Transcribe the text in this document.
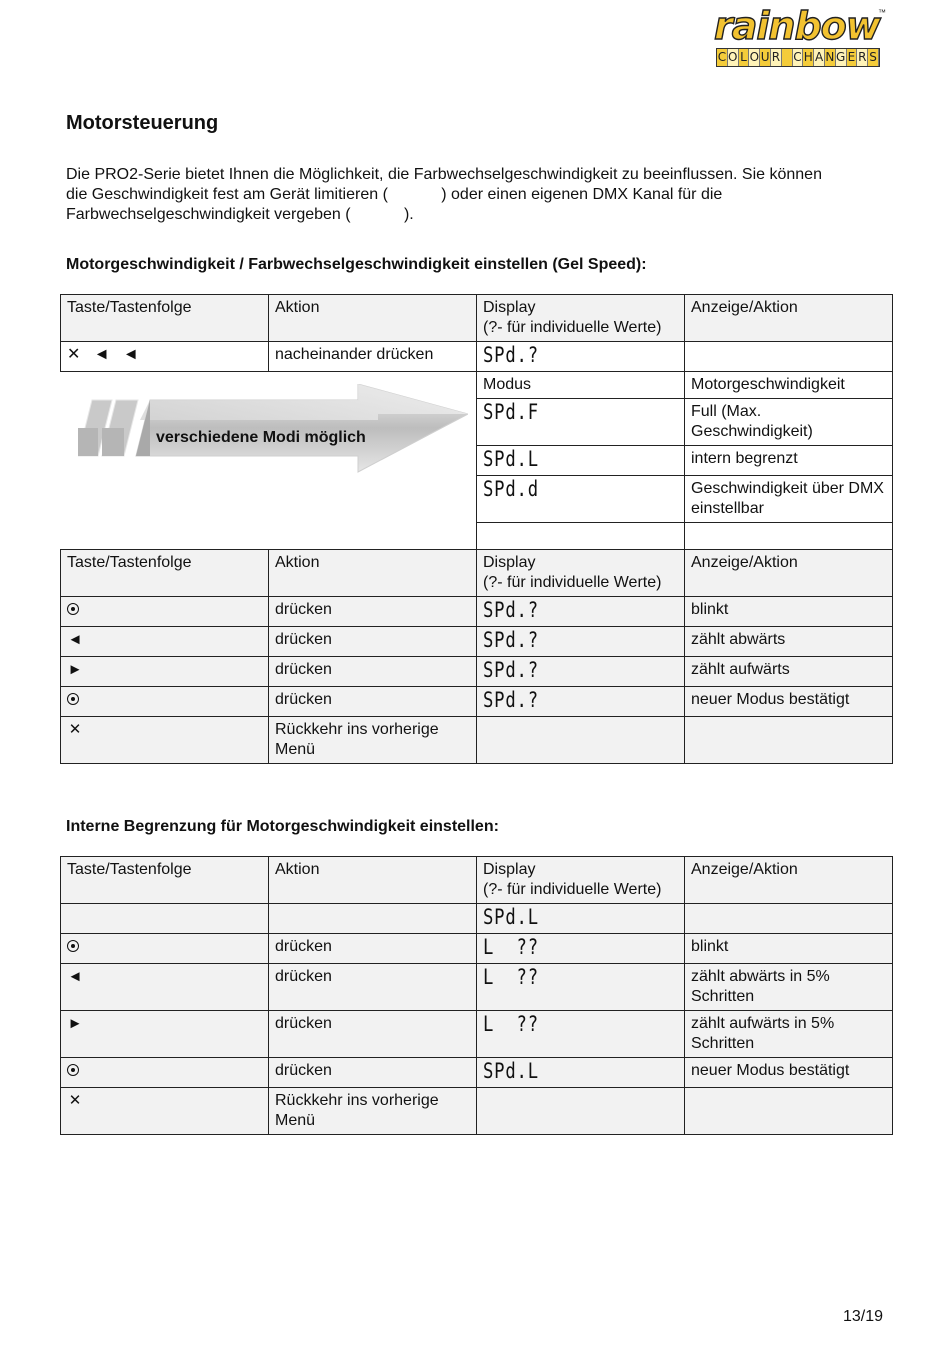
rainbow
™
C O L O U R C H A N G E R S
Motorsteuerung

Die PRO2-Serie bietet Ihnen die Möglichkeit, die Farbwechselgeschwindigkeit zu beeinflussen. Sie können
die Geschwindigkeit fest am Gerät limitieren (            ) oder einen eigenen DMX Kanal für die
Farbwechselgeschwindigkeit vergeben (            ).

Motorgeschwindigkeit / Farbwechselgeschwindigkeit einstellen (Gel Speed):
Taste/Tastenfolge	Aktion	Display
(?- für individuelle Werte)	Anzeige/Aktion
✕   ◄   ◄	nacheinander drücken	SPd.?	
		Modus	Motorgeschwindigkeit
		SPd.F	Full (Max. Geschwindigkeit)
		SPd.L	intern begrenzt
		SPd.d	Geschwindigkeit über DMX einstellbar

verschiedene Modi möglich
Taste/Tastenfolge	Aktion	Display
(?- für individuelle Werte)	Anzeige/Aktion
	drücken	SPd.?	blinkt
◄	drücken	SPd.?	zählt abwärts
►	drücken	SPd.?	zählt aufwärts
	drücken	SPd.?	neuer Modus bestätigt
✕	Rückkehr ins vorherige Menü		
Interne Begrenzung für Motorgeschwindigkeit einstellen:
Taste/Tastenfolge	Aktion	Display
(?- für individuelle Werte)	Anzeige/Aktion
		SPd.L	
	drücken	L  ??	blinkt
◄	drücken	L  ??	zählt abwärts in 5% Schritten
►	drücken	L  ??	zählt aufwärts in 5% Schritten
	drücken	SPd.L	neuer Modus bestätigt
✕	Rückkehr ins vorherige Menü		
13/19
